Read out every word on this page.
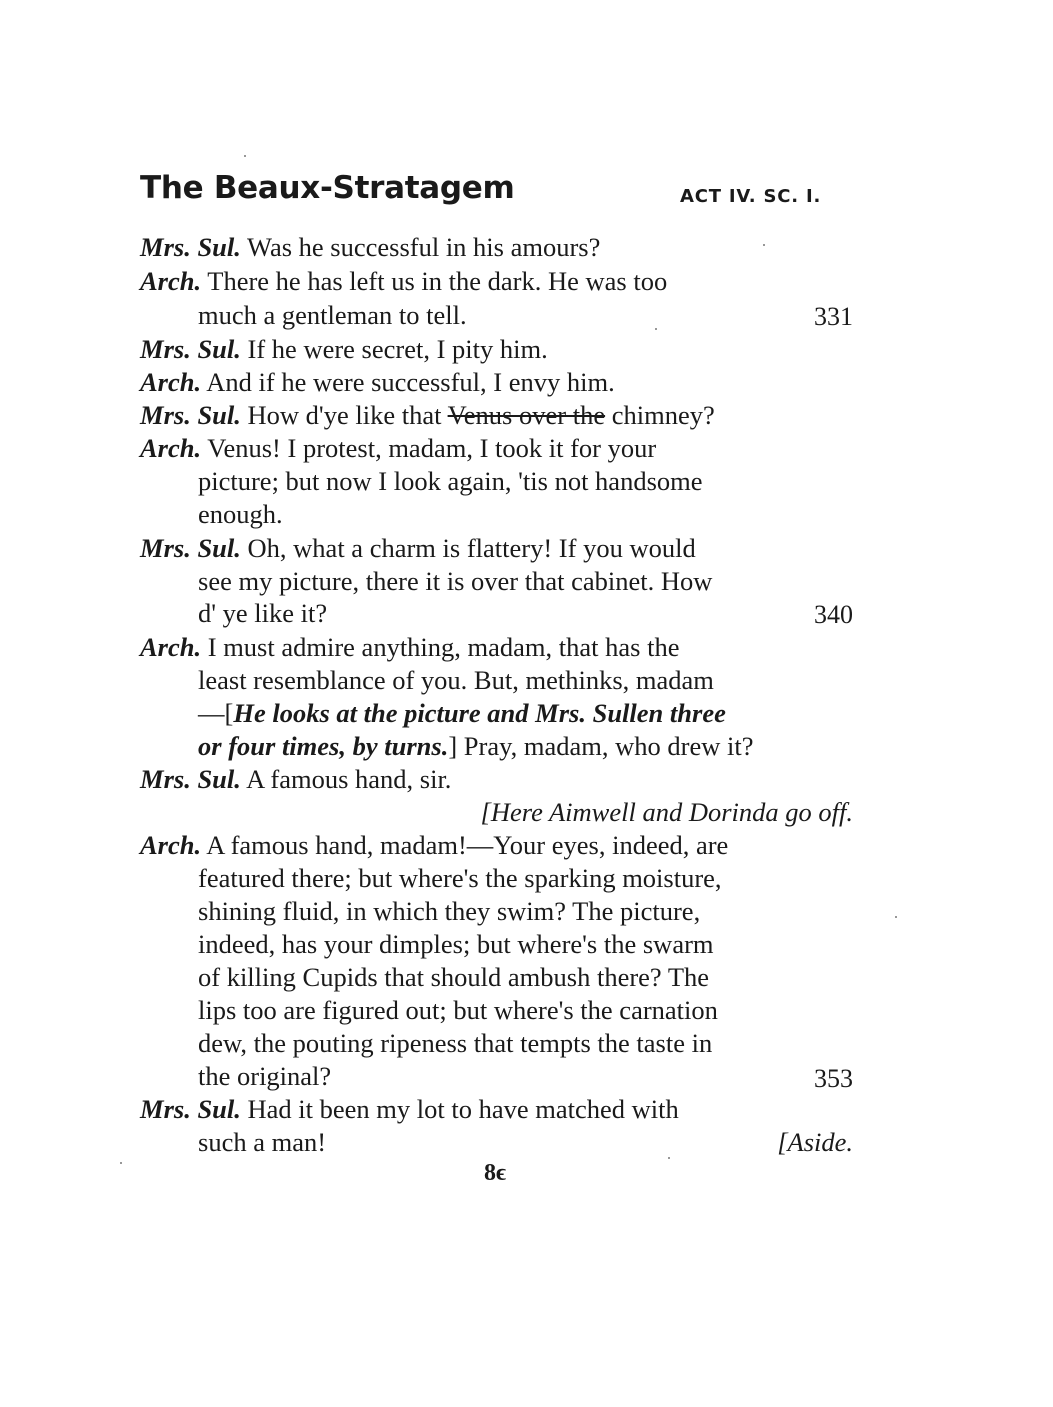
The Beaux-Stratagem	ACT IV. SC. I.
Mrs. Sul. Was he successful in his amours?
Arch. There he has left us in the dark. He was too
much a gentleman to tell.	331
Mrs. Sul. If he were secret, I pity him.
Arch. And if he were successful, I envy him.
Mrs. Sul. How d'ye like that Venus over the chimney?
Arch. Venus! I protest, madam, I took it for your
picture; but now I look again, 'tis not handsome
enough.
Mrs. Sul. Oh, what a charm is flattery! If you would
see my picture, there it is over that cabinet. How
d' ye like it?	340
Arch. I must admire anything, madam, that has the
least resemblance of you. But, methinks, madam
—[He looks at the picture and Mrs. Sullen three
or four times, by turns.] Pray, madam, who drew it?
Mrs. Sul. A famous hand, sir.
[Here Aimwell and Dorinda go off.
Arch. A famous hand, madam!—Your eyes, indeed, are
featured there; but where's the sparking moisture,
shining fluid, in which they swim? The picture,
indeed, has your dimples; but where's the swarm
of killing Cupids that should ambush there? The
lips too are figured out; but where's the carnation
dew, the pouting ripeness that tempts the taste in
the original?	353
Mrs. Sul. Had it been my lot to have matched with
such a man!	[Aside.
8ϵ
